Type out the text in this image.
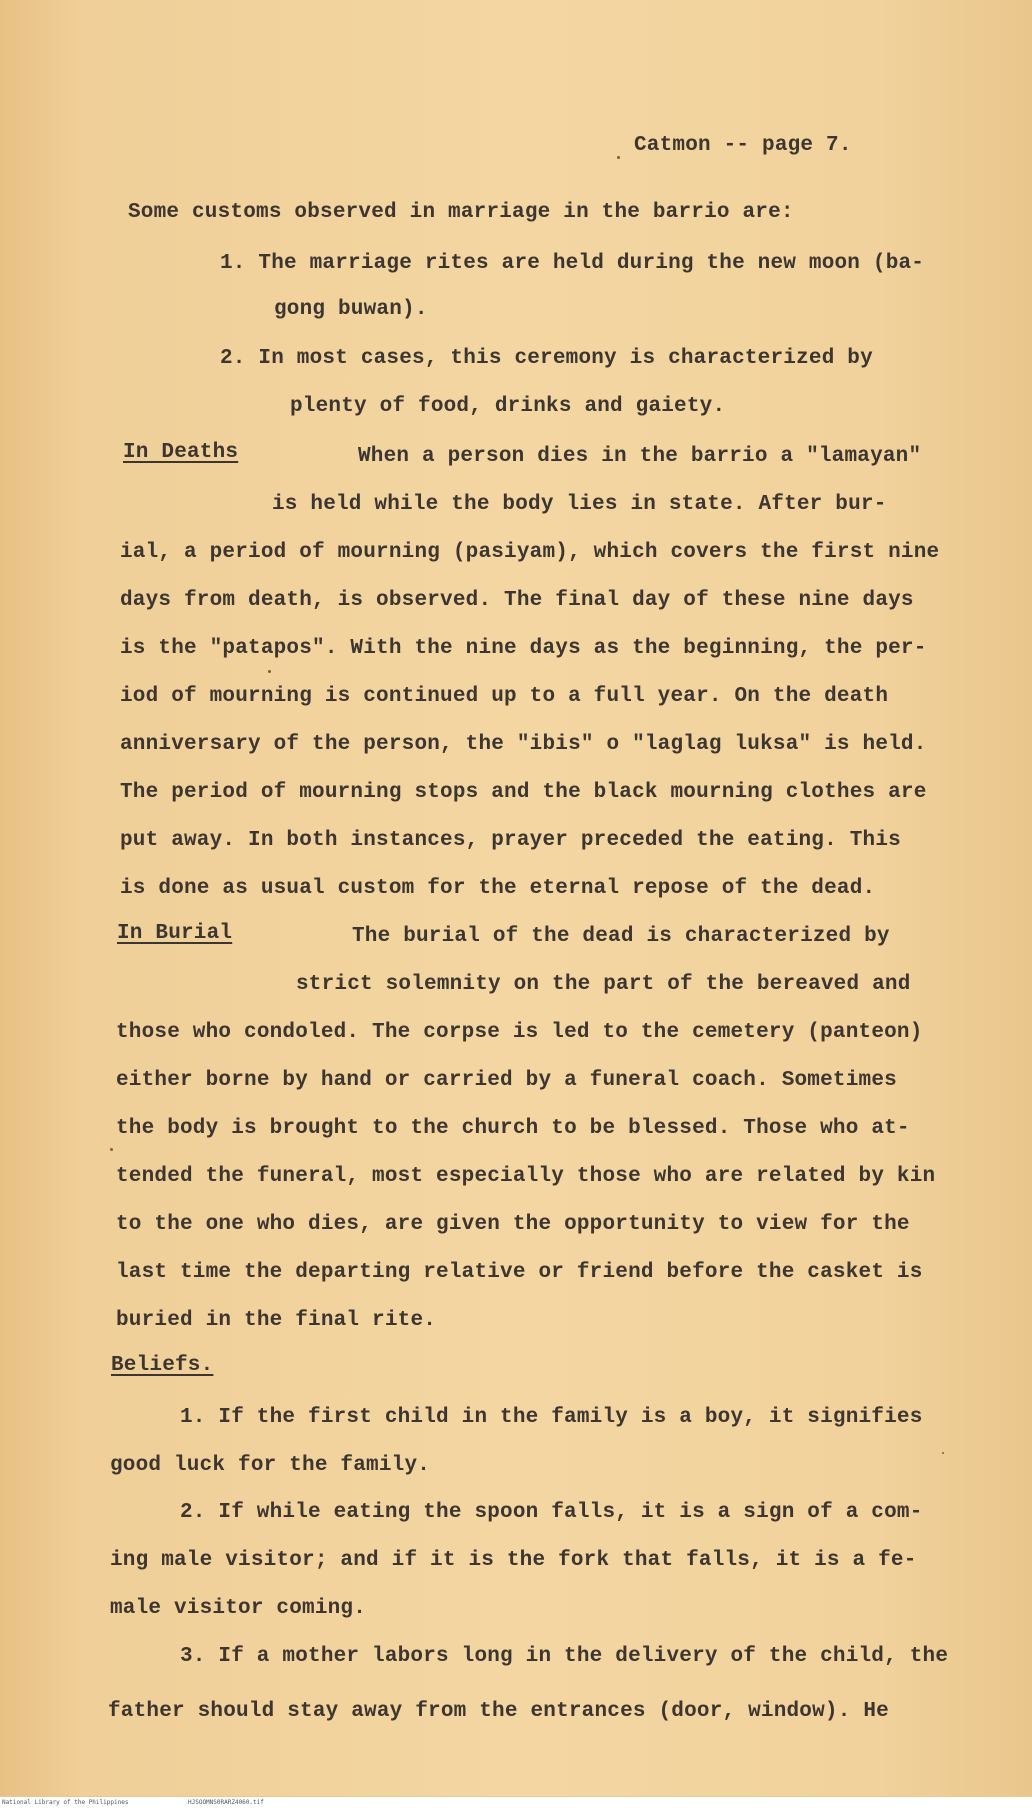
Catmon -- page 7.
Some customs observed in marriage in the barrio are:
1. The marriage rites are held during the new moon (ba-
gong buwan).
2. In most cases, this ceremony is characterized by
plenty of food, drinks and gaiety.
In Deaths	When a person dies in the barrio a "lamayan"
is held while the body lies in state. After bur-
ial, a period of mourning (pasiyam), which covers the first nine
days from death, is observed. The final day of these nine days
is the "patapos". With the nine days as the beginning, the per-
iod of mourning is continued up to a full year. On the death
anniversary of the person, the "ibis" o "laglag luksa" is held.
The period of mourning stops and the black mourning clothes are
put away. In both instances, prayer preceded the eating. This
is done as usual custom for the eternal repose of the dead.
In Burial	The burial of the dead is characterized by
strict solemnity on the part of the bereaved and
those who condoled. The corpse is led to the cemetery (panteon)
either borne by hand or carried by a funeral coach. Sometimes
the body is brought to the church to be blessed. Those who at-
tended the funeral, most especially those who are related by kin
to the one who dies, are given the opportunity to view for the
last time the departing relative or friend before the casket is
buried in the final rite.
Beliefs.
1. If the first child in the family is a boy, it signifies
good luck for the family.
2. If while eating the spoon falls, it is a sign of a com-
ing male visitor; and if it is the fork that falls, it is a fe-
male visitor coming.
3. If a mother labors long in the delivery of the child, the
father should stay away from the entrances (door, window). He
National Library of the Philippines	HJSOOMNS0RARZ4060.tif
